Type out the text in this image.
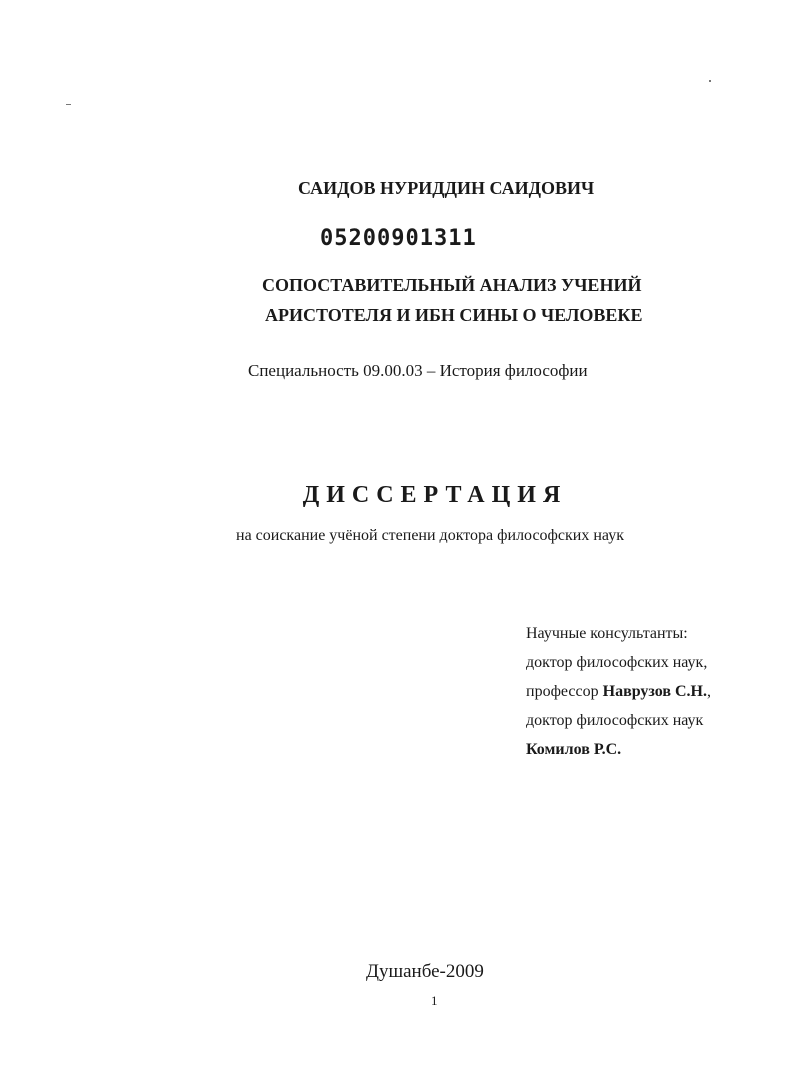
САИДОВ НУРИДДИН САИДОВИЧ
05200901311
СОПОСТАВИТЕЛЬНЫЙ АНАЛИЗ УЧЕНИЙ
АРИСТОТЕЛЯ И ИБН СИНЫ О ЧЕЛОВЕКЕ
Специальность 09.00.03 – История философии
ДИССЕРТАЦИЯ
на соискание учёной степени доктора философских наук
Научные консультанты:
доктор философских наук,
профессор Наврузов С.Н.,
доктор философских наук
Комилов Р.С.
Душанбе-2009
1
